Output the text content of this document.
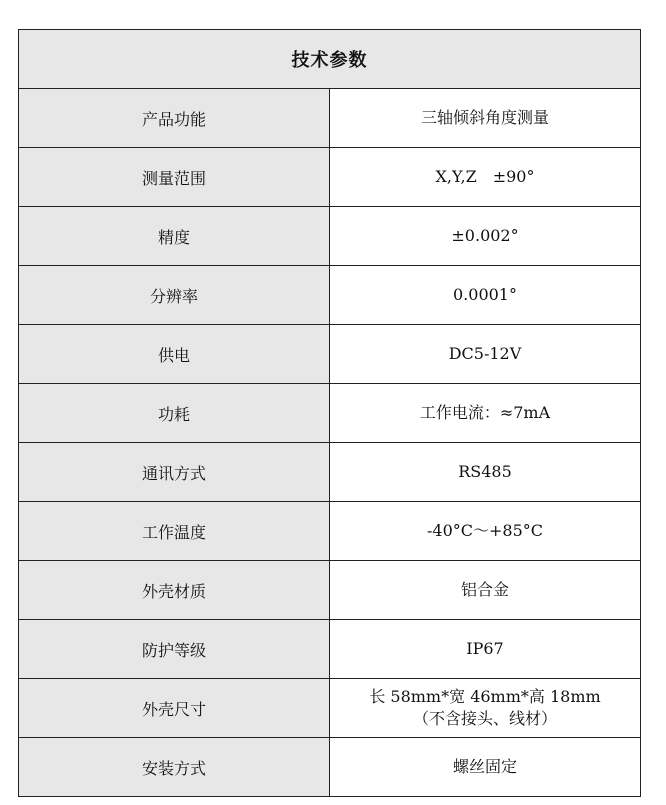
技术参数	
产品功能	三轴倾斜角度测量
测量范围	X,Y,Z　±90°
精度	±0.002°
分辨率	0.0001°
供电	DC5-12V
功耗	工作电流：≈7mA
通讯方式	RS485
工作温度	-40°C～+85°C
外壳材质	铝合金
防护等级	IP67
外壳尺寸	长 58mm*宽 46mm*高 18mm
（不含接头、线材）

安装方式	螺丝固定
